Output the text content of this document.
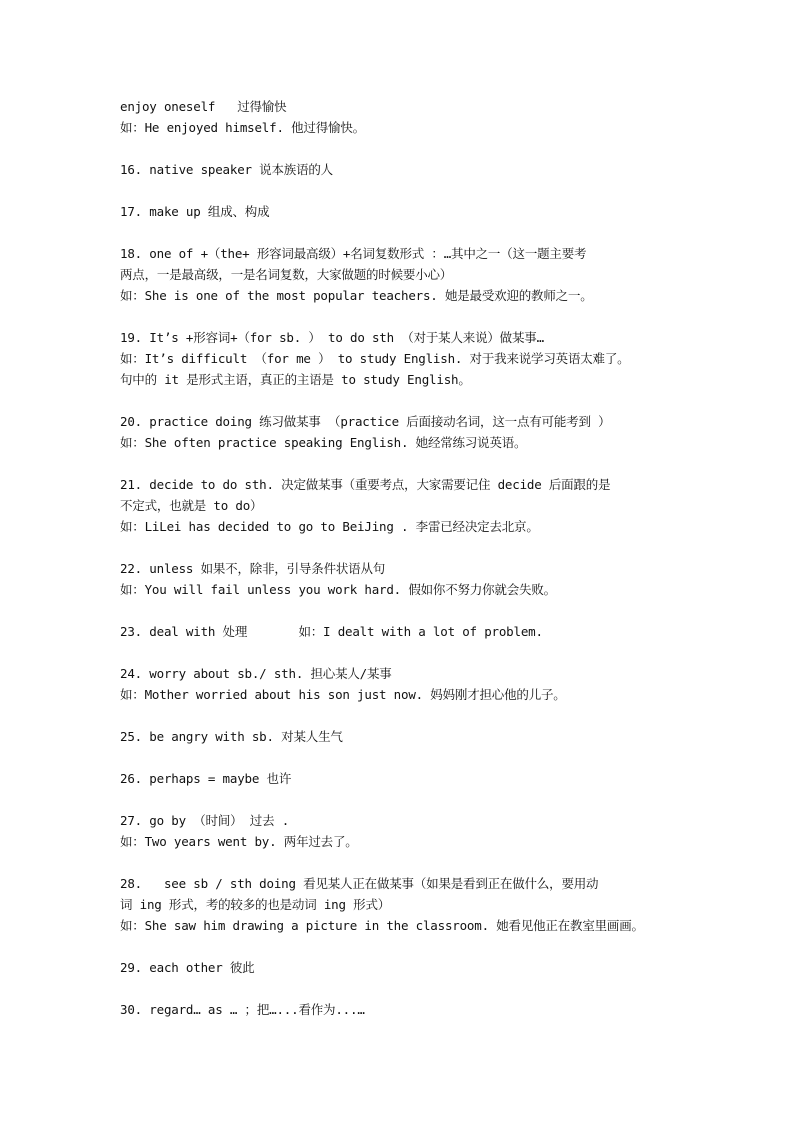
enjoy oneself   过得愉快
如：He enjoyed himself. 他过得愉快。
16. native speaker 说本族语的人
17. make up 组成、构成
18. one of +（the+ 形容词最高级）+名词复数形式 ：…其中之一（这一题主要考
两点，一是最高级，一是名词复数，大家做题的时候要小心）
如：She is one of the most popular teachers. 她是最受欢迎的教师之一。
19. It’s +形容词+（for sb. ） to do sth （对于某人来说）做某事…
如：It’s difficult （for me ） to study English. 对于我来说学习英语太难了。
句中的 it 是形式主语，真正的主语是 to study English。
20. practice doing 练习做某事 （practice 后面接动名词，这一点有可能考到 ）
如：She often practice speaking English. 她经常练习说英语。
21. decide to do sth. 决定做某事（重要考点，大家需要记住 decide 后面跟的是
不定式，也就是 to do）
如：LiLei has decided to go to BeiJing . 李雷已经决定去北京。
22. unless 如果不，除非，引导条件状语从句
如：You will fail unless you work hard. 假如你不努力你就会失败。
23. deal with 处理       如：I dealt with a lot of problem.
24. worry about sb./ sth. 担心某人/某事
如：Mother worried about his son just now. 妈妈刚才担心他的儿子。
25. be angry with sb. 对某人生气
26. perhaps = maybe 也许
27. go by （时间） 过去 .
如：Two years went by. 两年过去了。
28.   see sb / sth doing 看见某人正在做某事（如果是看到正在做什么，要用动
词 ing 形式，考的较多的也是动词 ing 形式）
如：She saw him drawing a picture in the classroom. 她看见他正在教室里画画。
29. each other 彼此
30. regard… as … ；把…...看作为...…
